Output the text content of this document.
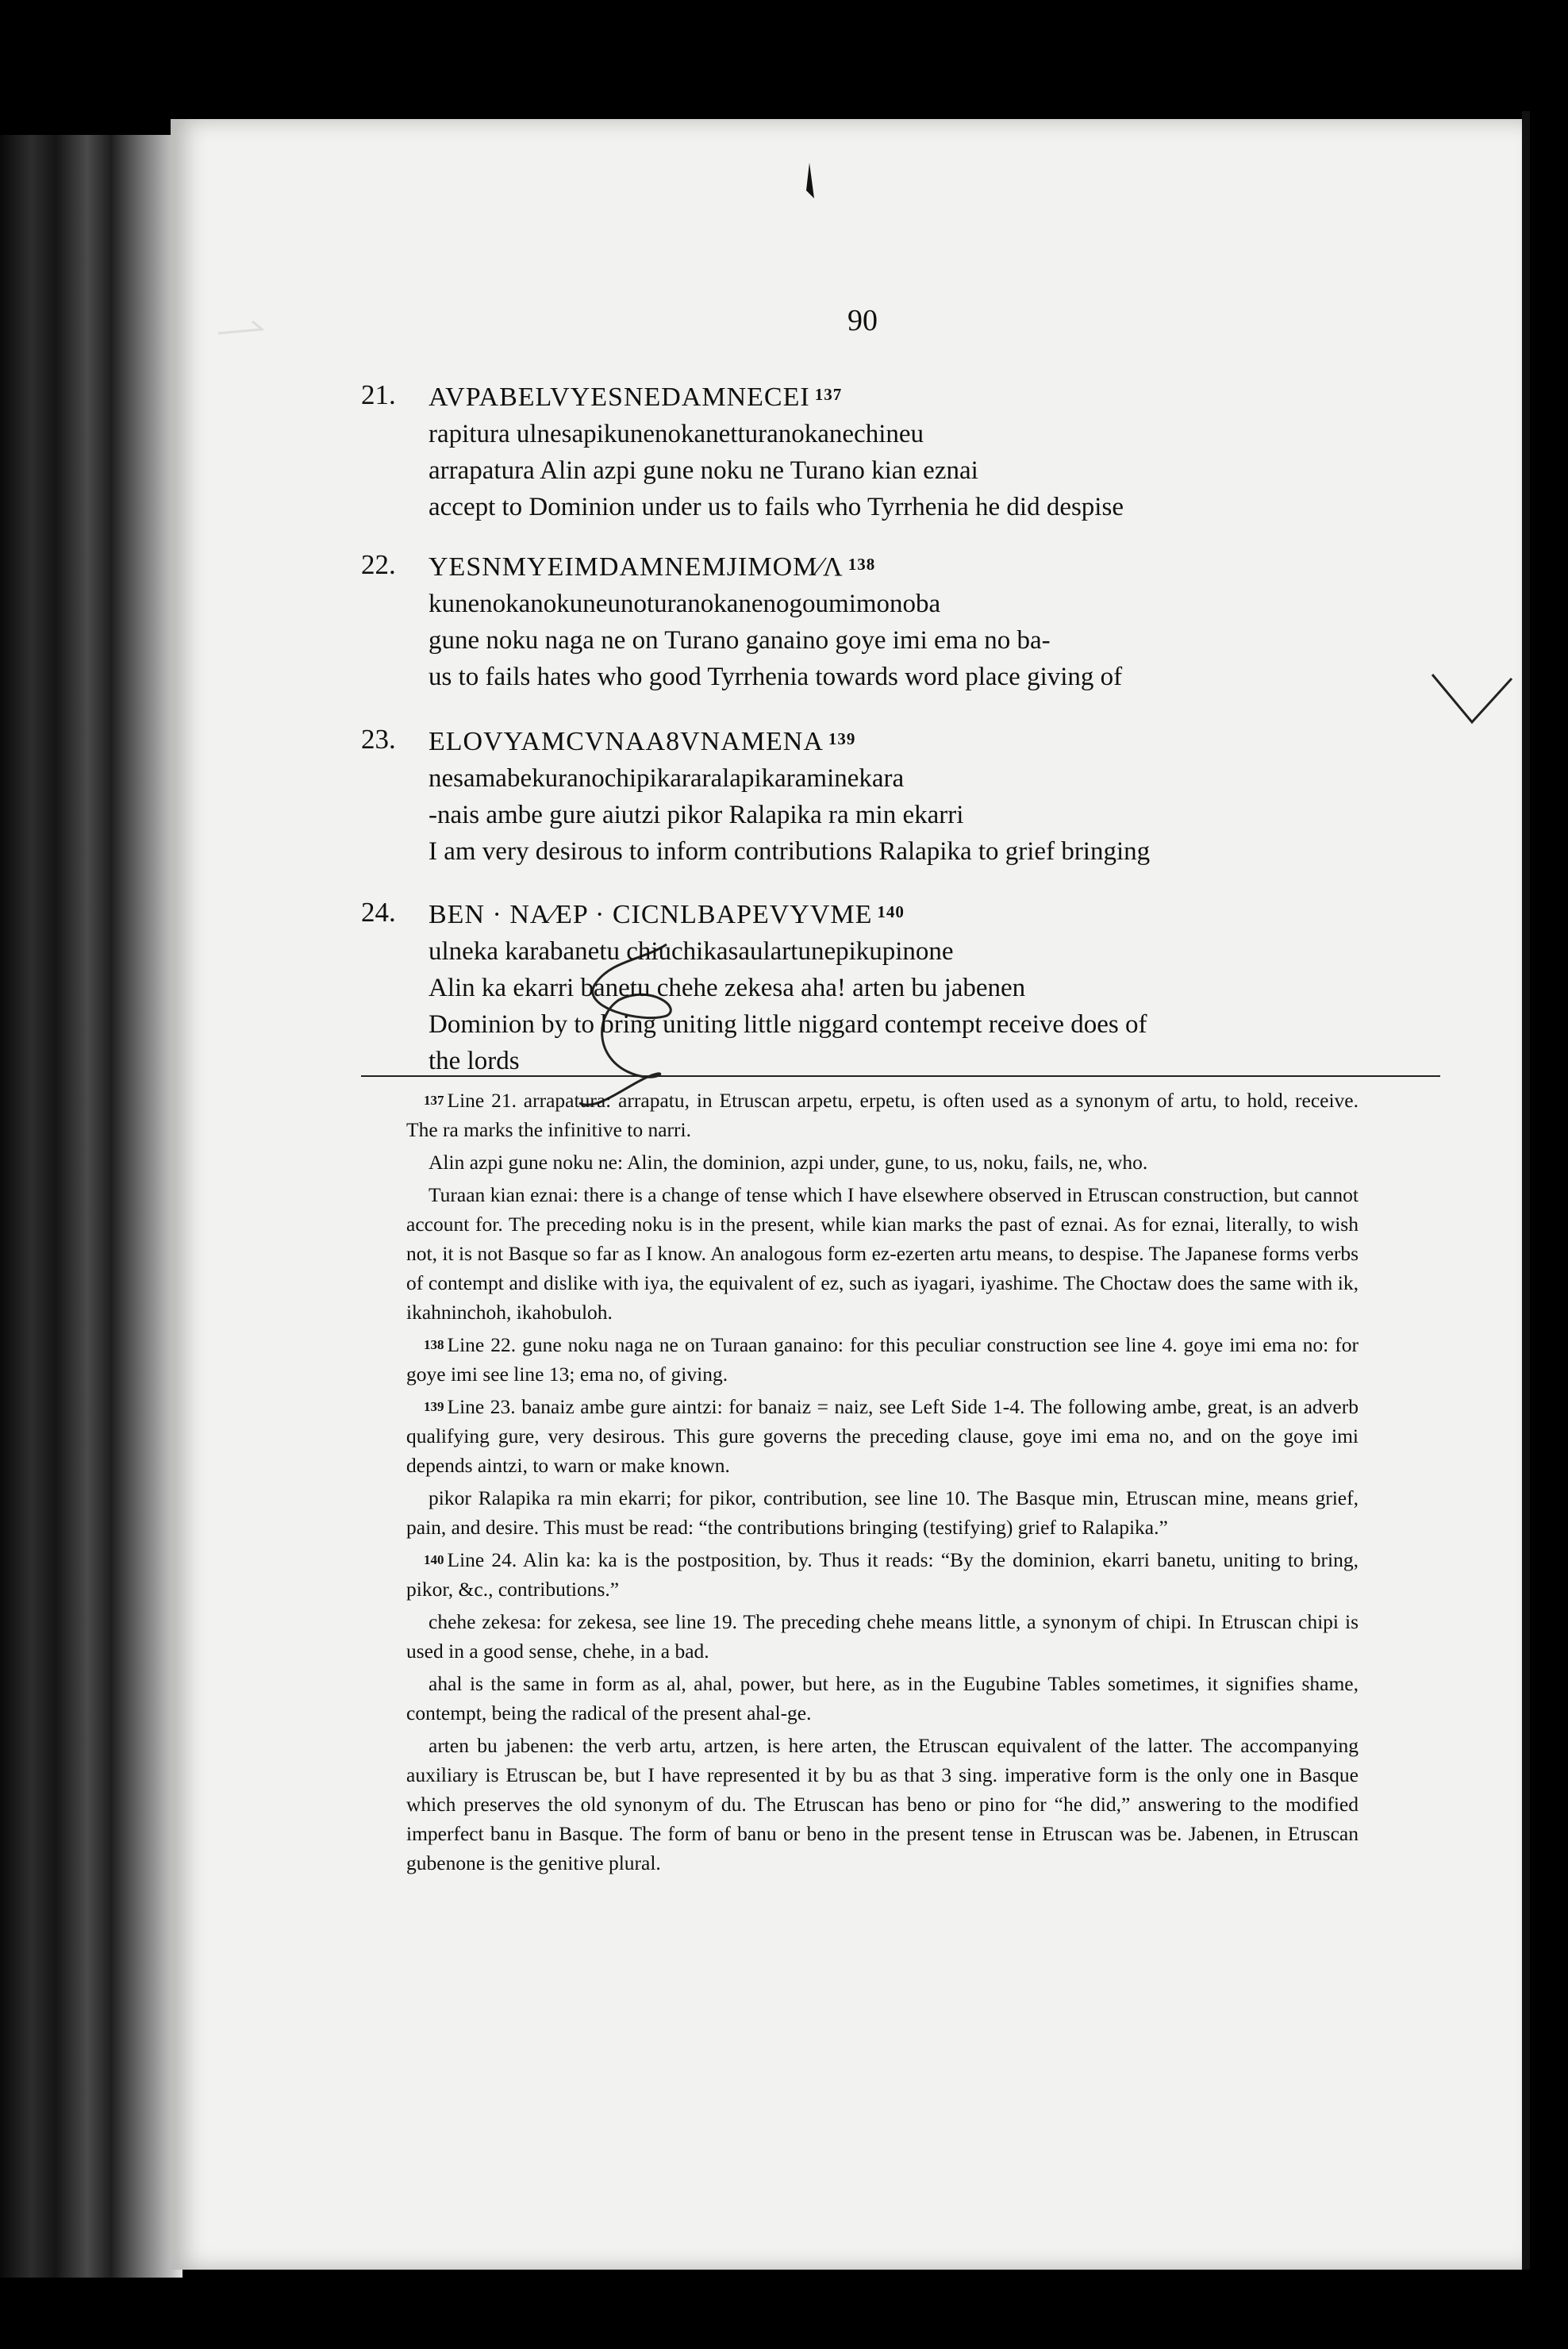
90
21. AVPABELVYESNEDAMNECEI $^{137}$
rapitura ulnesapikunenokanetturanokanechineu
arrapatura Alin azpi gune noku ne Turano kian eznai
accept to Dominion under us to fails who Tyrrhenia he did despise
22. YESNMYEIMDAMNEMJIMOM∕Λ $^{138}$
kunenokanokuneunoturanokanenogoumimonoba
gune noku naga ne on Turano ganaino goye imi ema no ba-
us to fails hates who good Tyrrhenia towards word place giving of
23. ELOVYAMCVNAA8VNAMENA $^{139}$
nesamabekuranochipikararalapikaraminekara
-nais ambe gure aiutzi pikor Ralapika ra min ekarri
I am very desirous to inform contributions Ralapika to grief bringing
24. BEN · NA∕EP · CICNLBAPEVYVME $^{140}$
ulneka karabanetu chiuchikasaulartunepikupinone
Alin ka ekarri banetu chehe zekesa aha! arten bu jabenen
Dominion by to bring uniting little niggard contempt receive does of
the lords

$^{137}$ Line 21. arrapatura: arrapatu, in Etruscan arpetu, erpetu, is often used as a synonym of artu, to hold, receive. The ra marks the infinitive to narri.

Alin azpi gune noku ne: Alin, the dominion, azpi under, gune, to us, noku, fails, ne, who.

Turaan kian eznai: there is a change of tense which I have elsewhere observed in Etruscan construction, but cannot account for. The preceding noku is in the present, while kian marks the past of eznai. As for eznai, literally, to wish not, it is not Basque so far as I know. An analogous form ez-ezerten artu means, to despise. The Japanese forms verbs of contempt and dislike with iya, the equivalent of ez, such as iyagari, iyashime. The Choctaw does the same with ik, ikahninchoh, ikahobuloh.

$^{138}$ Line 22. gune noku naga ne on Turaan ganaino: for this peculiar construction see line 4. goye imi ema no: for goye imi see line 13; ema no, of giving.

$^{139}$ Line 23. banaiz ambe gure aintzi: for banaiz = naiz, see Left Side 1-4. The following ambe, great, is an adverb qualifying gure, very desirous. This gure governs the preceding clause, goye imi ema no, and on the goye imi depends aintzi, to warn or make known.

pikor Ralapika ra min ekarri; for pikor, contribution, see line 10. The Basque min, Etruscan mine, means grief, pain, and desire. This must be read: “the contributions bringing (testifying) grief to Ralapika.”

$^{140}$ Line 24. Alin ka: ka is the postposition, by. Thus it reads: “By the dominion, ekarri banetu, uniting to bring, pikor, &c., contributions.”

chehe zekesa: for zekesa, see line 19. The preceding chehe means little, a synonym of chipi. In Etruscan chipi is used in a good sense, chehe, in a bad.

ahal is the same in form as al, ahal, power, but here, as in the Eugubine Tables sometimes, it signifies shame, contempt, being the radical of the present ahal-ge.

arten bu jabenen: the verb artu, artzen, is here arten, the Etruscan equivalent of the latter. The accompanying auxiliary is Etruscan be, but I have represented it by bu as that 3 sing. imperative form is the only one in Basque which preserves the old synonym of du. The Etruscan has beno or pino for “he did,” answering to the modified imperfect banu in Basque. The form of banu or beno in the present tense in Etruscan was be. Jabenen, in Etruscan gubenone is the genitive plural.
